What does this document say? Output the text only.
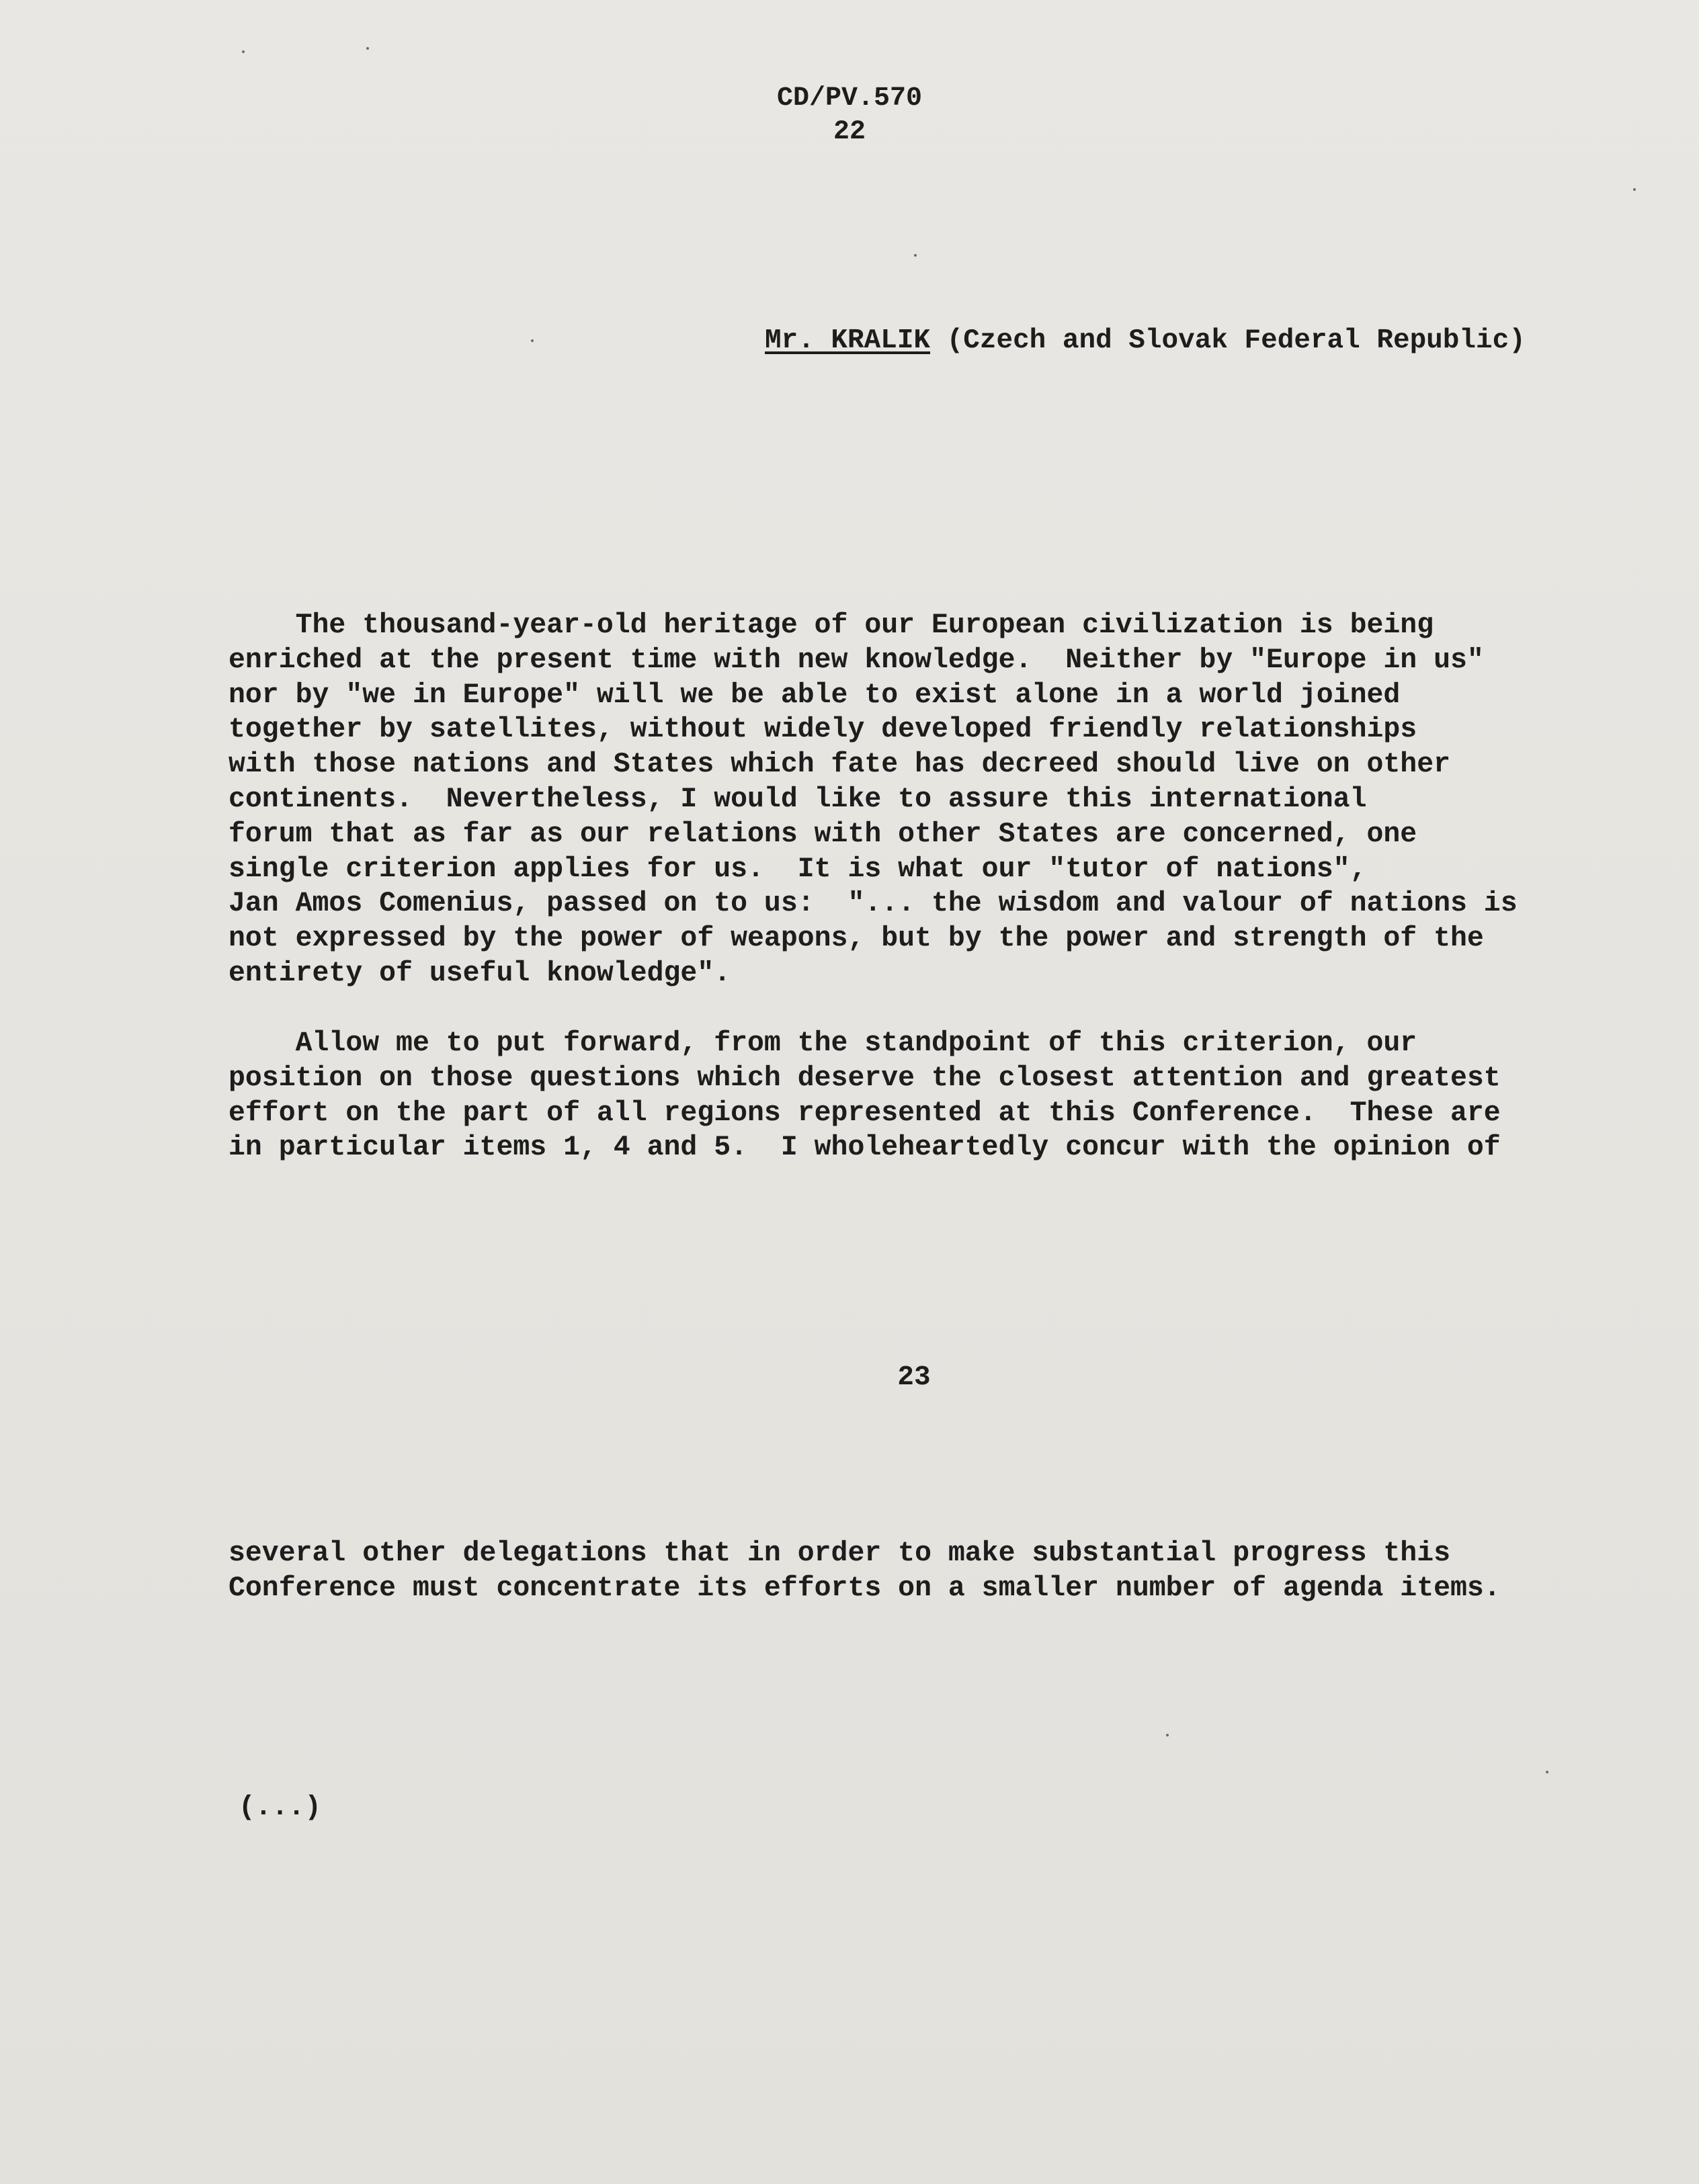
CD/PV.570
22
Mr. KRALIK (Czech and Slovak Federal Republic)
The thousand-year-old heritage of our European civilization is being
enriched at the present time with new knowledge.  Neither by "Europe in us"
nor by "we in Europe" will we be able to exist alone in a world joined
together by satellites, without widely developed friendly relationships
with those nations and States which fate has decreed should live on other
continents.  Nevertheless, I would like to assure this international
forum that as far as our relations with other States are concerned, one
single criterion applies for us.  It is what our "tutor of nations",
Jan Amos Comenius, passed on to us:  "... the wisdom and valour of nations is
not expressed by the power of weapons, but by the power and strength of the
entirety of useful knowledge".
Allow me to put forward, from the standpoint of this criterion, our
position on those questions which deserve the closest attention and greatest
effort on the part of all regions represented at this Conference.  These are
in particular items 1, 4 and 5.  I wholeheartedly concur with the opinion of
23
several other delegations that in order to make substantial progress this
Conference must concentrate its efforts on a smaller number of agenda items.
(...)
